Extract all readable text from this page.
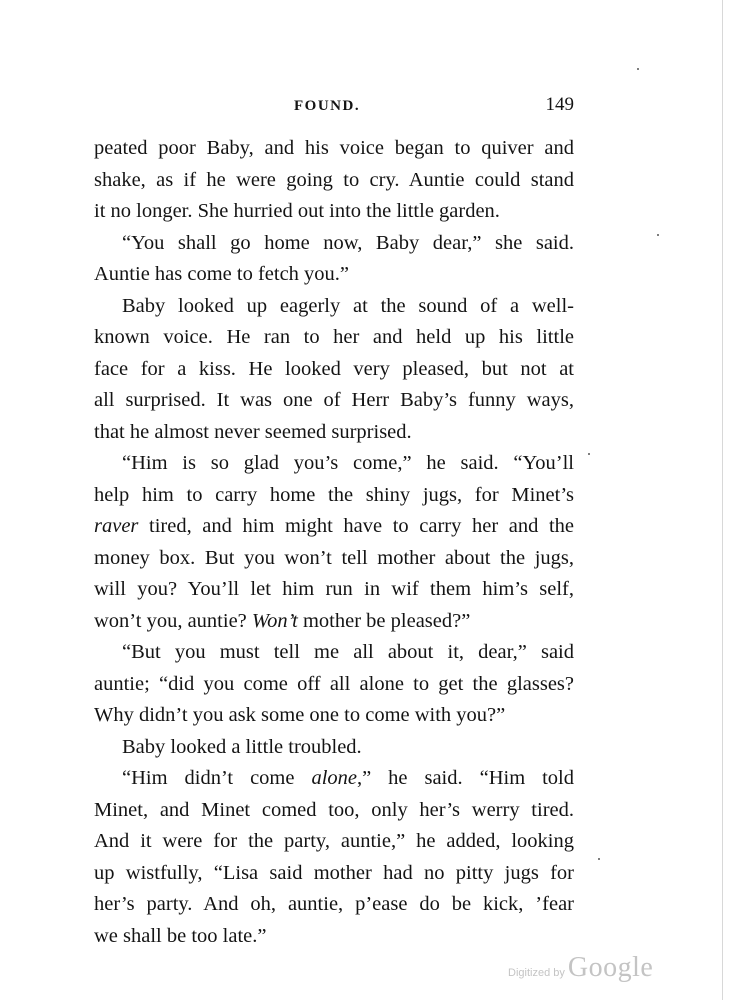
FOUND.	149
peated poor Baby, and his voice began to quiver and
shake, as if he were going to cry. Auntie could stand
it no longer. She hurried out into the little garden.
“You shall go home now, Baby dear,” she said.
Auntie has come to fetch you.”
Baby looked up eagerly at the sound of a well-
known voice. He ran to her and held up his little
face for a kiss. He looked very pleased, but not at
all surprised. It was one of Herr Baby’s funny ways,
that he almost never seemed surprised.
“Him is so glad you’s come,” he said. “You’ll
help him to carry home the shiny jugs, for Minet’s
raver tired, and him might have to carry her and the
money box. But you won’t tell mother about the jugs,
will you? You’ll let him run in wif them him’s self,
won’t you, auntie? Won’t mother be pleased?”
“But you must tell me all about it, dear,” said
auntie; “did you come off all alone to get the glasses?
Why didn’t you ask some one to come with you?”
Baby looked a little troubled.
“Him didn’t come alone,” he said. “Him told
Minet, and Minet comed too, only her’s werry tired.
And it were for the party, auntie,” he added, looking
up wistfully, “Lisa said mother had no pitty jugs for
her’s party. And oh, auntie, p’ease do be kick, ’fear
we shall be too late.”
Digitized by Google
